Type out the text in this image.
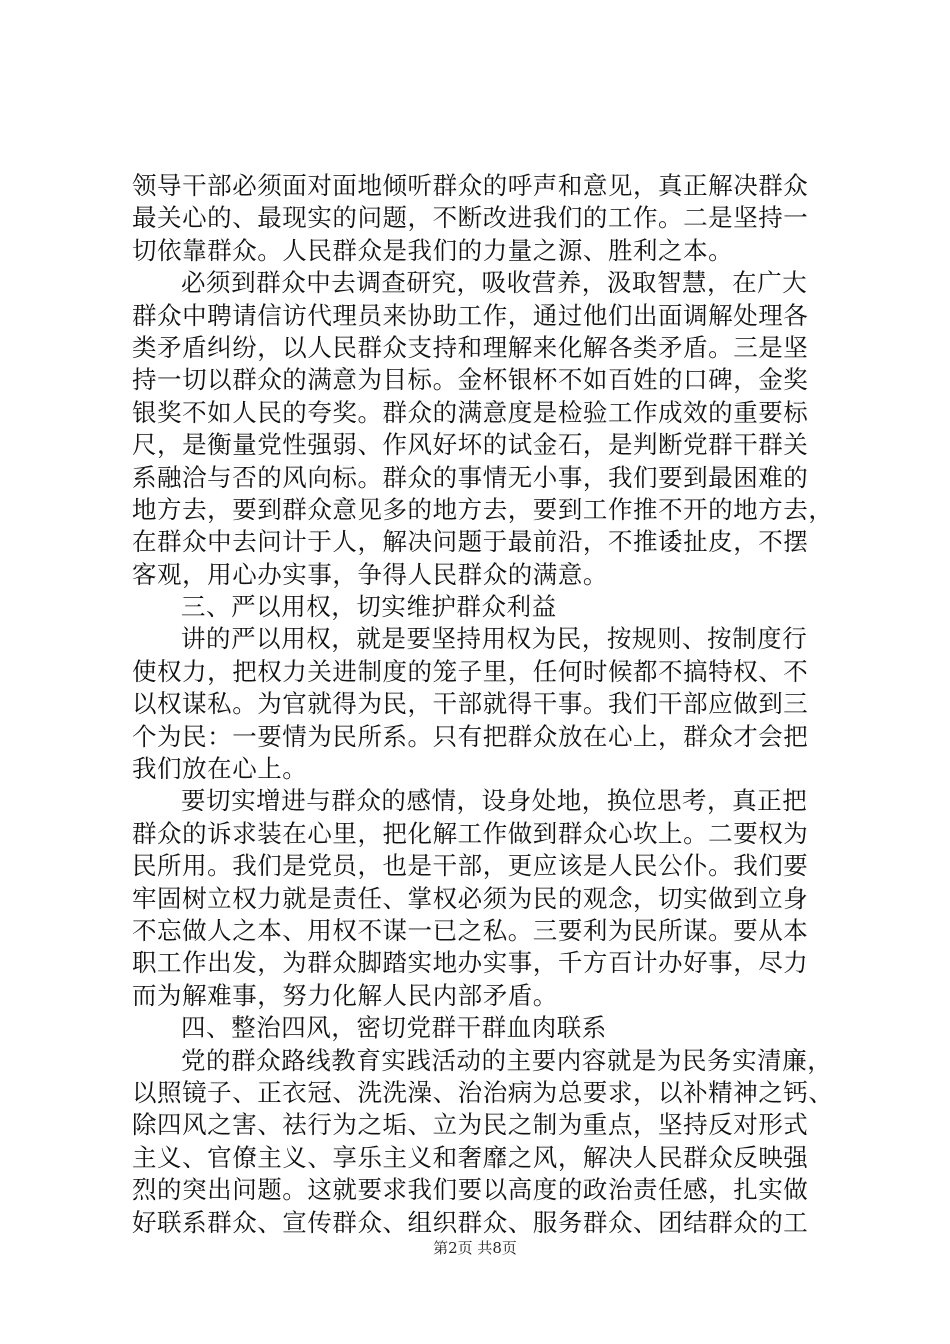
领导干部必须面对面地倾听群众的呼声和意见，真正解决群众
最关心的、最现实的问题，不断改进我们的工作。二是坚持一
切依靠群众。人民群众是我们的力量之源、胜利之本。
必须到群众中去调查研究，吸收营养，汲取智慧，在广大
群众中聘请信访代理员来协助工作，通过他们出面调解处理各
类矛盾纠纷，以人民群众支持和理解来化解各类矛盾。三是坚
持一切以群众的满意为目标。金杯银杯不如百姓的口碑，金奖
银奖不如人民的夸奖。群众的满意度是检验工作成效的重要标
尺，是衡量党性强弱、作风好坏的试金石，是判断党群干群关
系融洽与否的风向标。群众的事情无小事，我们要到最困难的
地方去，要到群众意见多的地方去，要到工作推不开的地方去，
在群众中去问计于人，解决问题于最前沿，不推诿扯皮，不摆
客观，用心办实事，争得人民群众的满意。
三、严以用权，切实维护群众利益
讲的严以用权，就是要坚持用权为民，按规则、按制度行
使权力，把权力关进制度的笼子里，任何时候都不搞特权、不
以权谋私。为官就得为民，干部就得干事。我们干部应做到三
个为民：一要情为民所系。只有把群众放在心上，群众才会把
我们放在心上。
要切实增进与群众的感情，设身处地，换位思考，真正把
群众的诉求装在心里，把化解工作做到群众心坎上。二要权为
民所用。我们是党员，也是干部，更应该是人民公仆。我们要
牢固树立权力就是责任、掌权必须为民的观念，切实做到立身
不忘做人之本、用权不谋一已之私。三要利为民所谋。要从本
职工作出发，为群众脚踏实地办实事，千方百计办好事，尽力
而为解难事，努力化解人民内部矛盾。
四、整治四风，密切党群干群血肉联系
党的群众路线教育实践活动的主要内容就是为民务实清廉，
以照镜子、正衣冠、洗洗澡、治治病为总要求，以补精神之钙、
除四风之害、祛行为之垢、立为民之制为重点，坚持反对形式
主义、官僚主义、享乐主义和奢靡之风，解决人民群众反映强
烈的突出问题。这就要求我们要以高度的政治责任感，扎实做
好联系群众、宣传群众、组织群众、服务群众、团结群众的工
第2页 共8页
